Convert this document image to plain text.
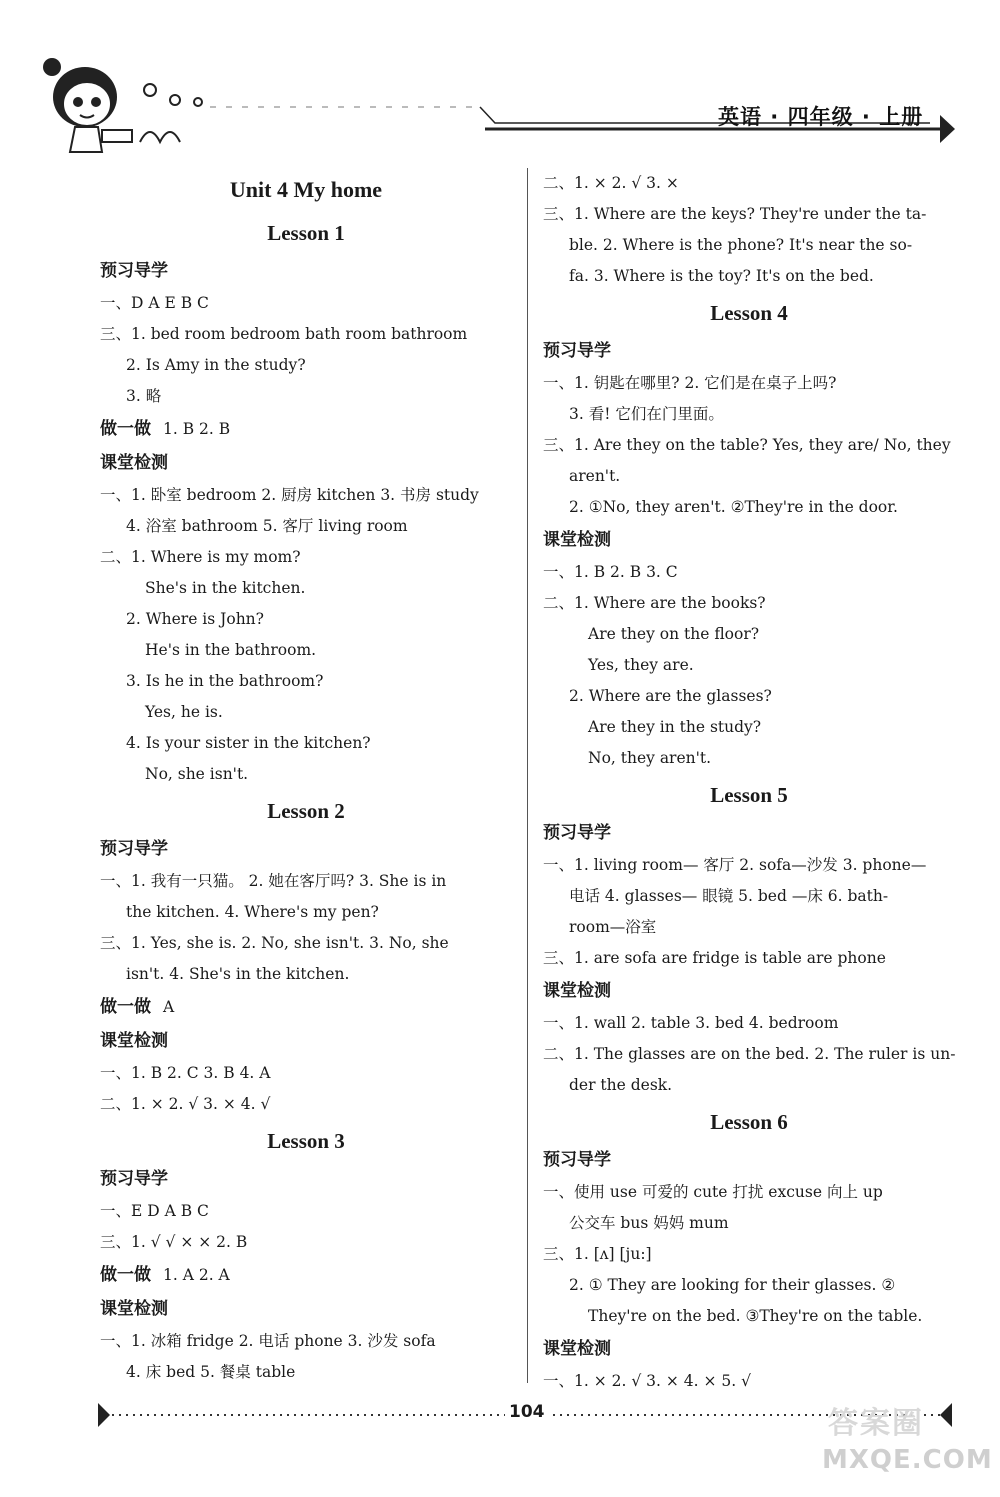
英语 · 四年级 · 上册
Unit 4 My home
Lesson 1
预习导学
一、D A E B C
三、1. bed room bedroom bath room bathroom
2. Is Amy in the study?
3. 略
做一做 1. B 2. B
课堂检测
一、1. 卧室 bedroom 2. 厨房 kitchen 3. 书房 study
4. 浴室 bathroom 5. 客厅 living room
二、1. Where is my mom?
She's in the kitchen.
2. Where is John?
He's in the bathroom.
3. Is he in the bathroom?
Yes, he is.
4. Is your sister in the kitchen?
No, she isn't.
Lesson 2
预习导学
一、1. 我有一只猫。 2. 她在客厅吗? 3. She is in
the kitchen. 4. Where's my pen?
三、1. Yes, she is. 2. No, she isn't. 3. No, she
isn't. 4. She's in the kitchen.
做一做 A
课堂检测
一、1. B 2. C 3. B 4. A
二、1. × 2. √ 3. × 4. √
Lesson 3
预习导学
一、E D A B C
三、1. √ √ × × 2. B
做一做 1. A 2. A
课堂检测
一、1. 冰箱 fridge 2. 电话 phone 3. 沙发 sofa
4. 床 bed 5. 餐桌 table
二、1. × 2. √ 3. ×
三、1. Where are the keys? They're under the ta-
ble. 2. Where is the phone? It's near the so-
fa. 3. Where is the toy? It's on the bed.
Lesson 4
预习导学
一、1. 钥匙在哪里? 2. 它们是在桌子上吗?
3. 看! 它们在门里面。
三、1. Are they on the table? Yes, they are/ No, they
aren't.
2. ①No, they aren't. ②They're in the door.
课堂检测
一、1. B 2. B 3. C
二、1. Where are the books?
Are they on the floor?
Yes, they are.
2. Where are the glasses?
Are they in the study?
No, they aren't.
Lesson 5
预习导学
一、1. living room— 客厅 2. sofa—沙发 3. phone—
电话 4. glasses— 眼镜 5. bed —床 6. bath-
room—浴室
三、1. are sofa are fridge is table are phone
课堂检测
一、1. wall 2. table 3. bed 4. bedroom
二、1. The glasses are on the bed. 2. The ruler is un-
der the desk.
Lesson 6
预习导学
一、使用 use 可爱的 cute 打扰 excuse 向上 up
公交车 bus 妈妈 mum
三、1. [ʌ] [ju:]
2. ① They are looking for their glasses. ②
They're on the bed. ③They're on the table.
课堂检测
一、1. × 2. √ 3. × 4. × 5. √
104	答案圈
MXQE.COM
